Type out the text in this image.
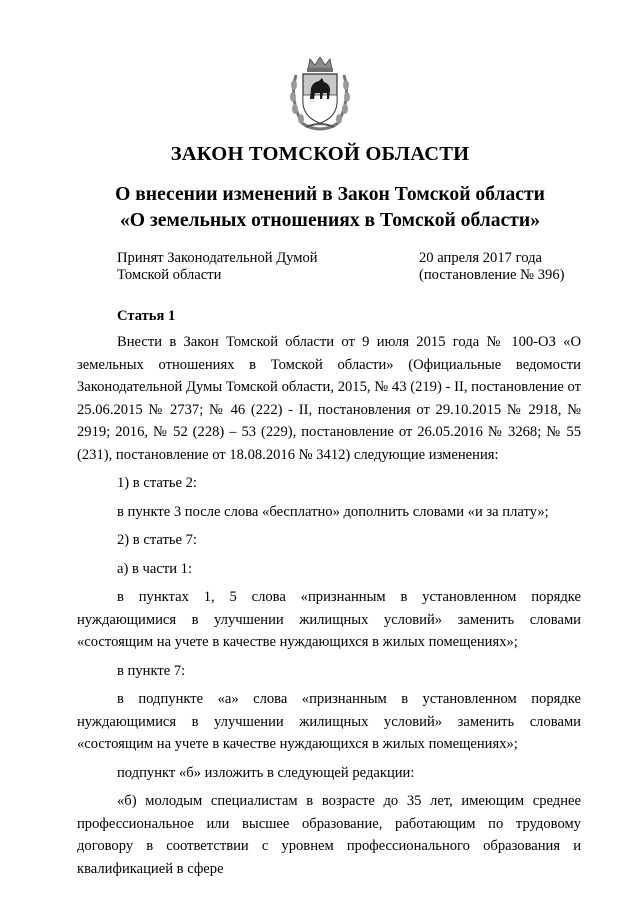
ЗАКОН ТОМСКОЙ ОБЛАСТИ
О внесении изменений в Закон Томской области
«О земельных отношениях в Томской области»
Принят Законодательной Думой
Томской области
20 апреля 2017 года
(постановление № 396)
Статья 1

Внести в Закон Томской области от 9 июля 2015 года № 100-ОЗ «О земельных отношениях в Томской области» (Официальные ведомости Законодательной Думы Томской области, 2015, № 43 (219) - II, постановление от 25.06.2015 № 2737; № 46 (222) - II, постановления от 29.10.2015 № 2918, № 2919; 2016, № 52 (228) – 53 (229), постановление от 26.05.2016 № 3268; № 55 (231), постановление от 18.08.2016 № 3412) следующие изменения:

1) в статье 2:

в пункте 3 после слова «бесплатно» дополнить словами «и за плату»;

2) в статье 7:

а) в части 1:

в пунктах 1, 5 слова «признанным в установленном порядке нуждающимися в улучшении жилищных условий» заменить словами «состоящим на учете в качестве нуждающихся в жилых помещениях»;

в пункте 7:

в подпункте «а» слова «признанным в установленном порядке нуждающимися в улучшении жилищных условий» заменить словами «состоящим на учете в качестве нуждающихся в жилых помещениях»;

подпункт «б» изложить в следующей редакции:

«б) молодым специалистам в возрасте до 35 лет, имеющим среднее профессиональное или высшее образование, работающим по трудовому договору в соответствии с уровнем профессионального образования и квалификацией в сфере
